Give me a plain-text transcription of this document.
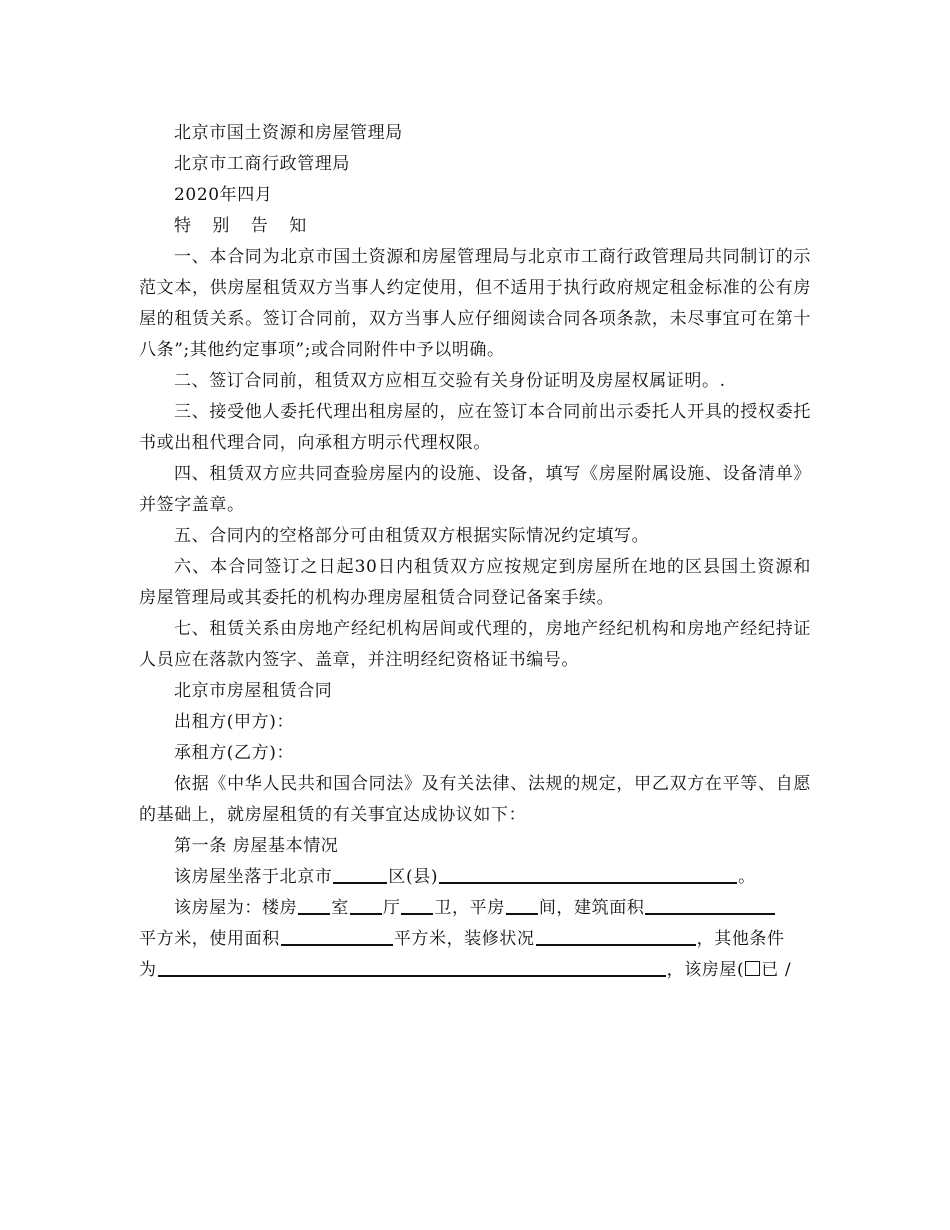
北京市国土资源和房屋管理局

北京市工商行政管理局

2020年四月

特 别 告 知

一、本合同为北京市国土资源和房屋管理局与北京市工商行政管理局共同制订的示范文本，供房屋租赁双方当事人约定使用，但不适用于执行政府规定租金标准的公有房屋的租赁关系。签订合同前，双方当事人应仔细阅读合同各项条款，未尽事宜可在第十八条”;其他约定事项”;或合同附件中予以明确。

二、签订合同前，租赁双方应相互交验有关身份证明及房屋权属证明。.

三、接受他人委托代理出租房屋的，应在签订本合同前出示委托人开具的授权委托书或出租代理合同，向承租方明示代理权限。

四、租赁双方应共同查验房屋内的设施、设备，填写《房屋附属设施、设备清单》并签字盖章。

五、合同内的空格部分可由租赁双方根据实际情况约定填写。

六、本合同签订之日起30日内租赁双方应按规定到房屋所在地的区县国土资源和房屋管理局或其委托的机构办理房屋租赁合同登记备案手续。

七、租赁关系由房地产经纪机构居间或代理的，房地产经纪机构和房地产经纪持证人员应在落款内签字、盖章，并注明经纪资格证书编号。

北京市房屋租赁合同

出租方(甲方)：

承租方(乙方)：

依据《中华人民共和国合同法》及有关法律、法规的规定，甲乙双方在平等、自愿的基础上，就房屋租赁的有关事宜达成协议如下：

第一条 房屋基本情况

该房屋坐落于北京市	区(县)	。

该房屋为：楼房 室 厅 卫，平房 间，建筑面积

平方米，使用面积	平方米，装修状况	，其他条件

为	，该房屋( 已 /
